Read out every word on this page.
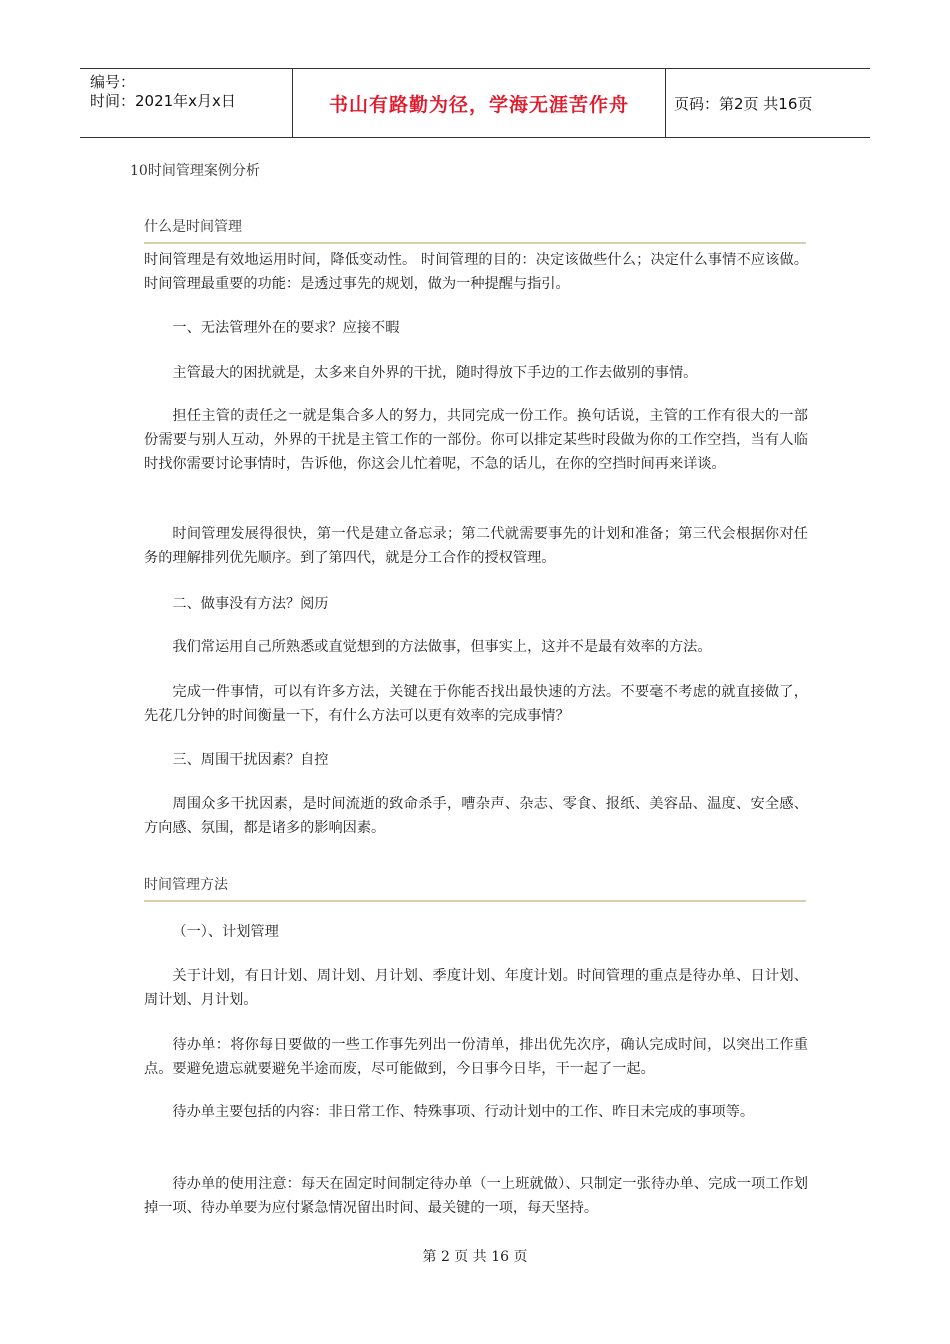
编号：
时间：2021年x月x日	书山有路勤为径，学海无涯苦作舟	页码：第2页 共16页
10时间管理案例分析
什么是时间管理
时间管理是有效地运用时间，降低变动性。 时间管理的目的：决定该做些什么；决定什么事情不应该做。 时间管理最重要的功能：是透过事先的规划，做为一种提醒与指引。
一、无法管理外在的要求？应接不暇
主管最大的困扰就是，太多来自外界的干扰，随时得放下手边的工作去做别的事情。
担任主管的责任之一就是集合多人的努力，共同完成一份工作。换句话说，主管的工作有很大的一部份需要与别人互动，外界的干扰是主管工作的一部份。你可以排定某些时段做为你的工作空挡，当有人临时找你需要讨论事情时，告诉他，你这会儿忙着呢，不急的话儿，在你的空挡时间再来详谈。
时间管理发展得很快，第一代是建立备忘录；第二代就需要事先的计划和准备；第三代会根据你对任务的理解排列优先顺序。到了第四代，就是分工合作的授权管理。
二、做事没有方法？阅历
我们常运用自己所熟悉或直觉想到的方法做事，但事实上，这并不是最有效率的方法。
完成一件事情，可以有许多方法，关键在于你能否找出最快速的方法。不要毫不考虑的就直接做了，先花几分钟的时间衡量一下，有什么方法可以更有效率的完成事情？
三、周围干扰因素？自控
周围众多干扰因素，是时间流逝的致命杀手，嘈杂声、杂志、零食、报纸、美容品、温度、安全感、方向感、氛围，都是诸多的影响因素。
时间管理方法
（一）、计划管理
关于计划，有日计划、周计划、月计划、季度计划、年度计划。时间管理的重点是待办单、日计划、周计划、月计划。
待办单：将你每日要做的一些工作事先列出一份清单，排出优先次序，确认完成时间，以突出工作重点。要避免遗忘就要避免半途而废，尽可能做到，今日事今日毕，干一起了一起。
待办单主要包括的内容：非日常工作、特殊事项、行动计划中的工作、昨日未完成的事项等。
待办单的使用注意：每天在固定时间制定待办单（一上班就做）、只制定一张待办单、完成一项工作划掉一项、待办单要为应付紧急情况留出时间、最关键的一项，每天坚持。
第 2 页 共 16 页
